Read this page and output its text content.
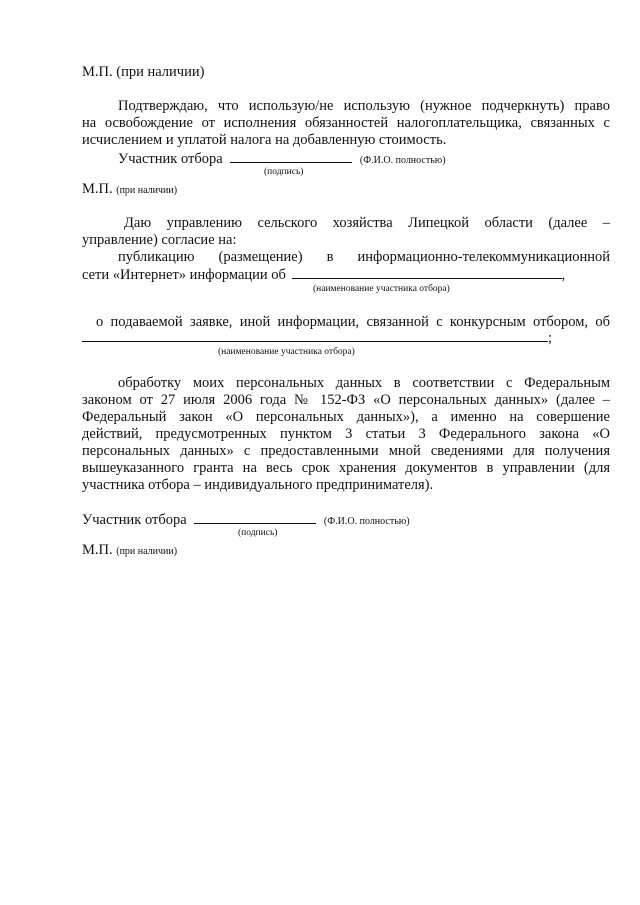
М.П. (при наличии)
Подтверждаю, что использую/не использую (нужное подчеркнуть) право
на освобождение от исполнения обязанностей налогоплательщика, связанных с
исчислением и уплатой налога на добавленную стоимость.
Участник отбора	(Ф.И.О. полностью)
(подпись)
М.П. (при наличии)
Даю управлению сельского хозяйства Липецкой области (далее –
управление) согласие на:
публикацию (размещение) в информационно-телекоммуникационной
сети «Интернет» информации об	,
(наименование участника отбора)
о подаваемой заявке, иной информации, связанной с конкурсным отбором, об
;
(наименование участника отбора)
обработку моих персональных данных в соответствии с Федеральным
законом от 27 июля 2006 года № 152-ФЗ «О персональных данных» (далее –
Федеральный закон «О персональных данных»), а именно на совершение
действий, предусмотренных пунктом 3 статьи 3 Федерального закона «О
персональных данных» с предоставленными мной сведениями для получения
вышеуказанного гранта на весь срок хранения документов в управлении (для
участника отбора – индивидуального предпринимателя).
Участник отбора	(Ф.И.О. полностью)
(подпись)
М.П. (при наличии)
